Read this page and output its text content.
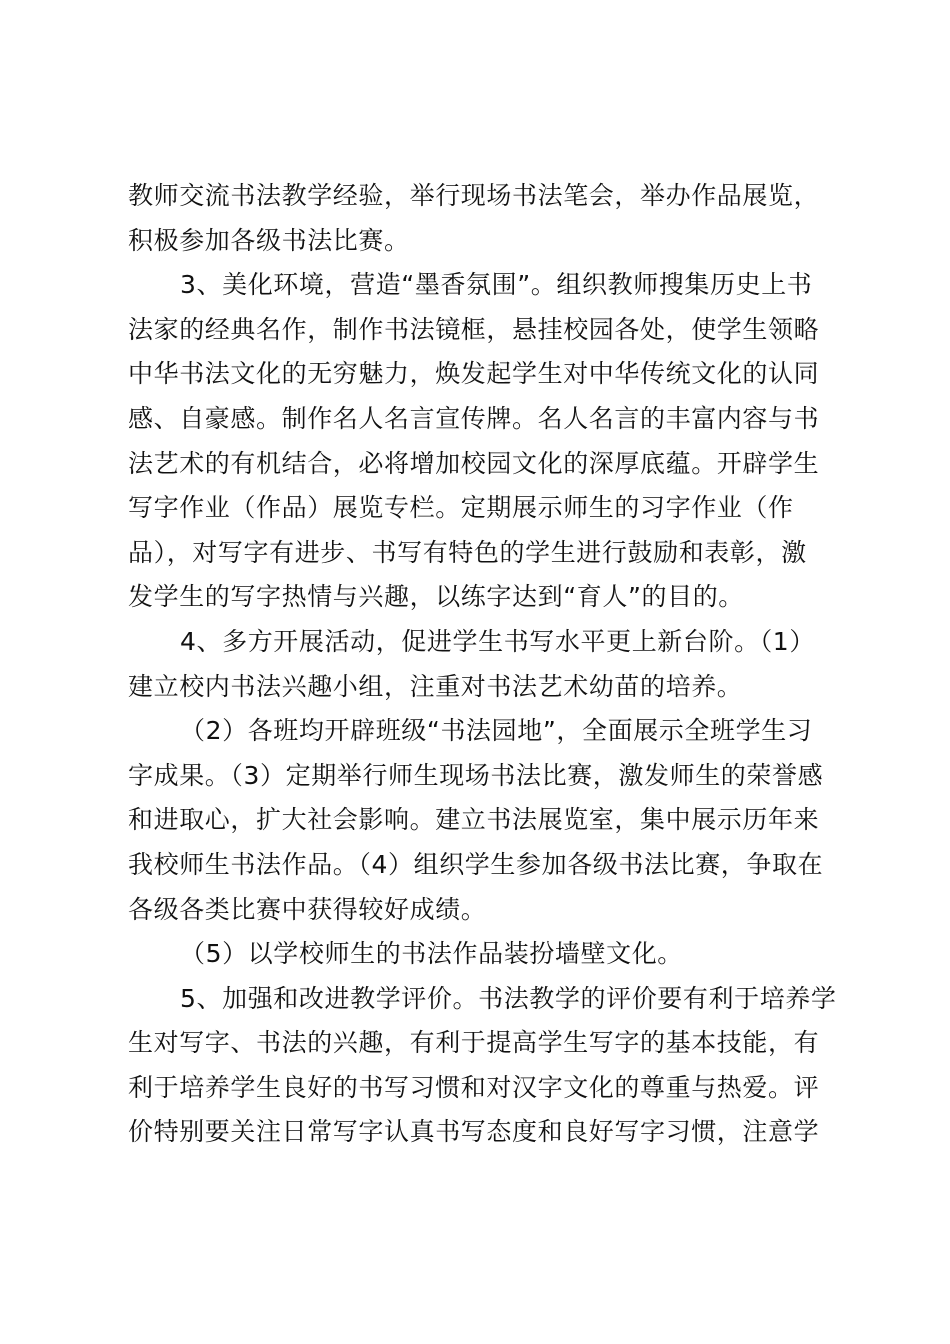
教师交流书法教学经验，举行现场书法笔会，举办作品展览，
积极参加各级书法比赛。
3、美化环境，营造“墨香氛围”。组织教师搜集历史上书
法家的经典名作，制作书法镜框，悬挂校园各处，使学生领略
中华书法文化的无穷魅力，焕发起学生对中华传统文化的认同
感、自豪感。制作名人名言宣传牌。名人名言的丰富内容与书
法艺术的有机结合，必将增加校园文化的深厚底蕴。开辟学生
写字作业（作品）展览专栏。定期展示师生的习字作业（作
品），对写字有进步、书写有特色的学生进行鼓励和表彰，激
发学生的写字热情与兴趣，以练字达到“育人”的目的。
4、多方开展活动，促进学生书写水平更上新台阶。（1）
建立校内书法兴趣小组，注重对书法艺术幼苗的培养。
（2）各班均开辟班级“书法园地”，全面展示全班学生习
字成果。（3）定期举行师生现场书法比赛，激发师生的荣誉感
和进取心，扩大社会影响。建立书法展览室，集中展示历年来
我校师生书法作品。（4）组织学生参加各级书法比赛，争取在
各级各类比赛中获得较好成绩。
（5）以学校师生的书法作品装扮墙壁文化。
5、加强和改进教学评价。书法教学的评价要有利于培养学
生对写字、书法的兴趣，有利于提高学生写字的基本技能，有
利于培养学生良好的书写习惯和对汉字文化的尊重与热爱。评
价特别要关注日常写字认真书写态度和良好写字习惯，注意学
